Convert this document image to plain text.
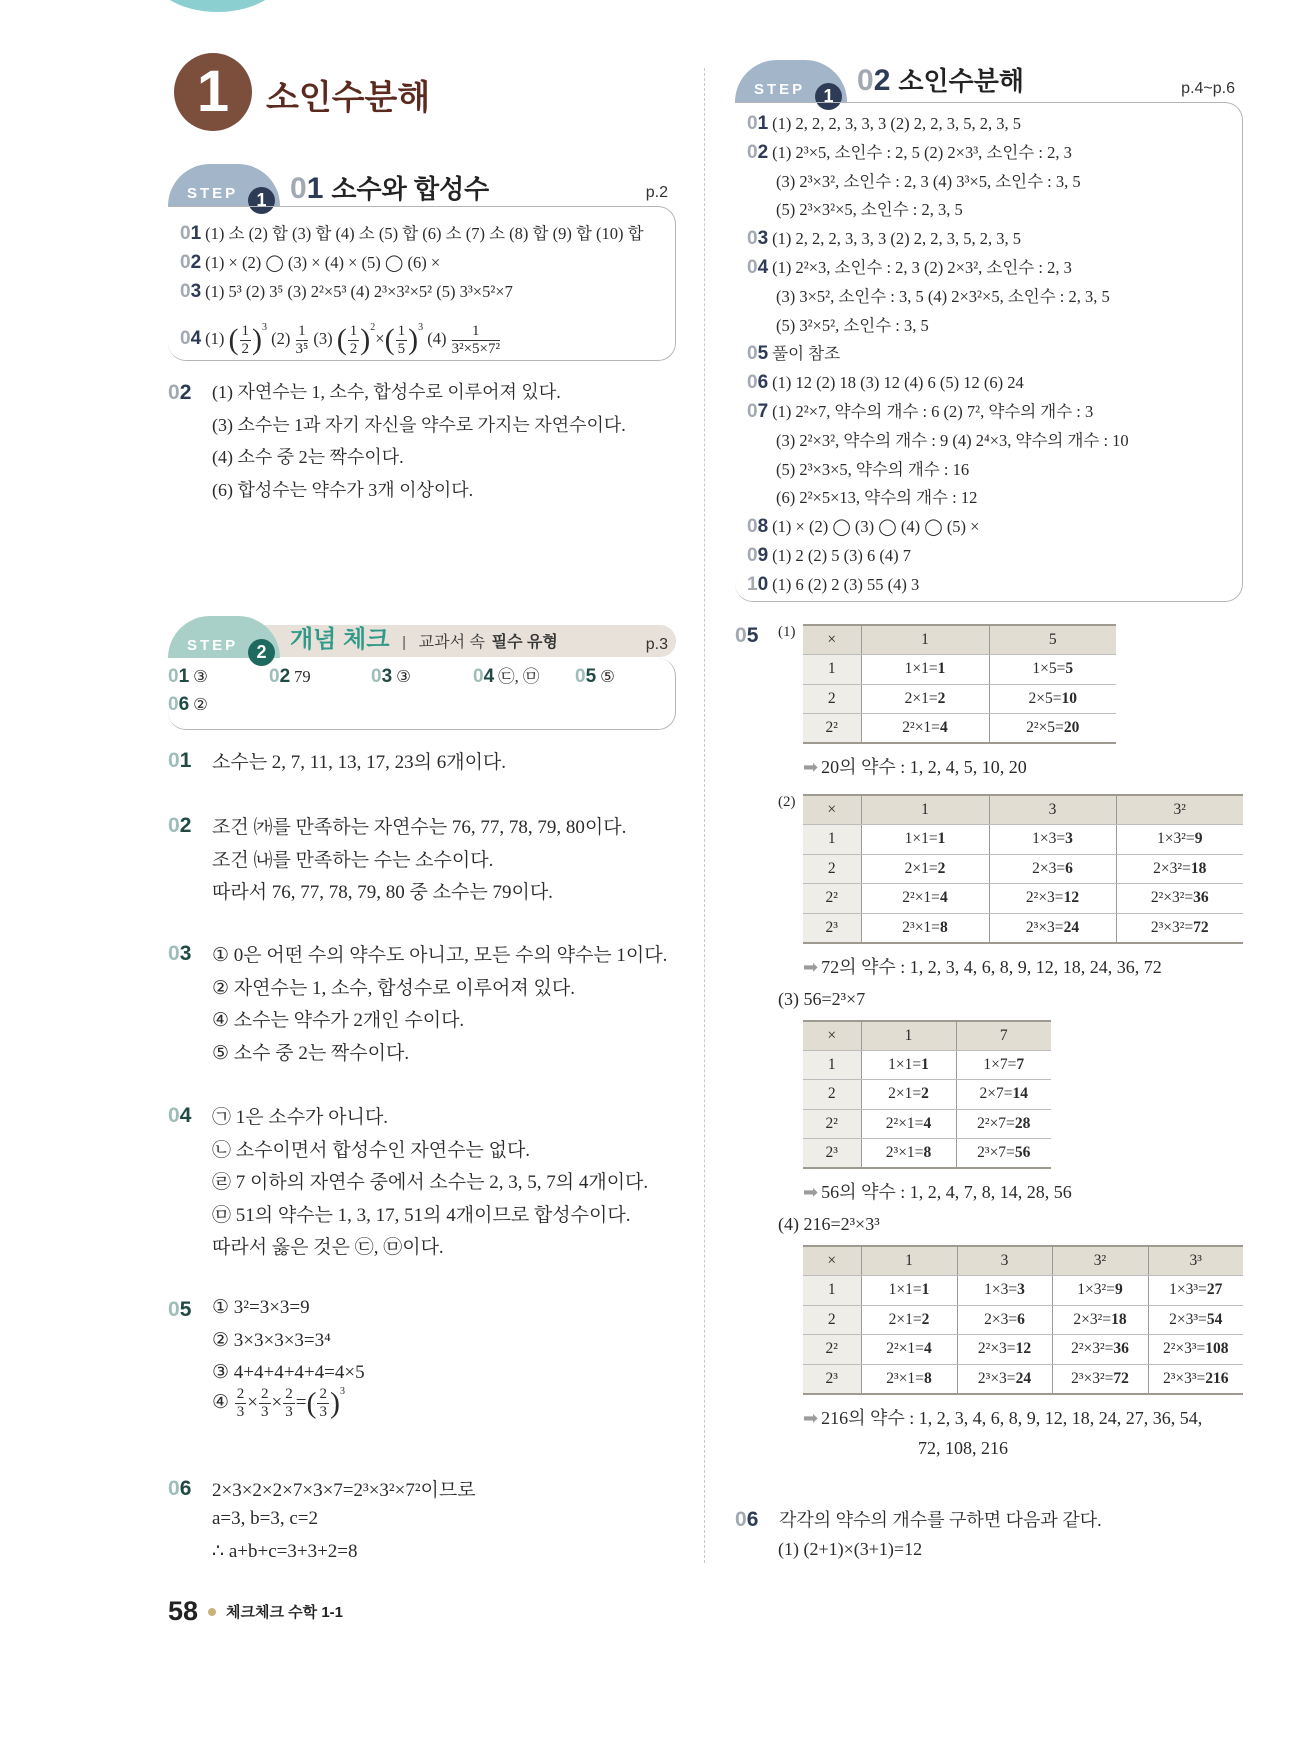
1	소인수분해
STEP	1 01 소수와 합성수	p.2
01 (1) 소 (2) 합 (3) 합 (4) 소 (5) 합 (6) 소 (7) 소 (8) 합 (9) 합 (10) 합
02 (1) × (2) ◯ (3) × (4) × (5) ◯ (6) ×
03 (1) 5³ (2) 3⁵ (3) 2²×5³ (4) 2³×3²×5² (5) 3³×5²×7
04 (1) ( $\frac{1}{2} )^3$ $(2) \frac{1}{\text{3⁵}} (3)$ ( $\frac{1}{2} )^2\times( \frac{1}{5} )^3$ $(4) \frac{1}{\text{3²×5×7²}}$
02 (1) 자연수는 1, 소수, 합성수로 이루어져 있다.
(3) 소수는 1과 자기 자신을 약수로 가지는 자연수이다.
(4) 소수 중 2는 짝수이다.
(6) 합성수는 약수가 3개 이상이다.
STEP	2 개념 체크 | 교과서 속 필수 유형	p.3
01 ③	02 79	03 ③	04 ㉢, ㉤ 05 ⑤
06 ②
01 소수는 2, 7, 11, 13, 17, 23의 6개이다.
02 조건 ㈎를 만족하는 자연수는 76, 77, 78, 79, 80이다.
조건 ㈏를 만족하는 수는 소수이다.
따라서 76, 77, 78, 79, 80 중 소수는 79이다.
03 ① 0은 어떤 수의 약수도 아니고, 모든 수의 약수는 1이다.
② 자연수는 1, 소수, 합성수로 이루어져 있다.
④ 소수는 약수가 2개인 수이다.
⑤ 소수 중 2는 짝수이다.
04 ㉠ 1은 소수가 아니다.
㉡ 소수이면서 합성수인 자연수는 없다.
㉣ 7 이하의 자연수 중에서 소수는 2, 3, 5, 7의 4개이다.
㉤ 51의 약수는 1, 3, 17, 51의 4개이므로 합성수이다.
따라서 옳은 것은 ㉢, ㉤이다.
05 ① 3²=3×3=9
② 3×3×3×3=3⁴
③ 4+4+4+4+4=4×5
④ $\frac{2}{3} \times \frac{2}{3} \times \frac{2}{3}$ =( $\frac{2}{3} )^3$
06 2×3×2×2×7×3×7=2³×3²×7²이므로
a=3, b=3, c=2
∴ a+b+c=3+3+2=8
STEP	1 02 소인수분해	p.4~p.6
01 (1) 2, 2, 2, 3, 3, 3 (2) 2, 2, 3, 5, 2, 3, 5
02 (1) 2³×5, 소인수 : 2, 5 (2) 2×3³, 소인수 : 2, 3
(3) 2³×3², 소인수 : 2, 3 (4) 3³×5, 소인수 : 3, 5
(5) 2³×3²×5, 소인수 : 2, 3, 5
03 (1) 2, 2, 2, 3, 3, 3 (2) 2, 2, 3, 5, 2, 3, 5
04 (1) 2²×3, 소인수 : 2, 3 (2) 2×3², 소인수 : 2, 3
(3) 3×5², 소인수 : 3, 5 (4) 2×3²×5, 소인수 : 2, 3, 5
(5) 3²×5², 소인수 : 3, 5
05 풀이 참조
06 (1) 12 (2) 18 (3) 12 (4) 6 (5) 12 (6) 24
07 (1) 2²×7, 약수의 개수 : 6 (2) 7², 약수의 개수 : 3
(3) 2²×3², 약수의 개수 : 9 (4) 2⁴×3, 약수의 개수 : 10
(5) 2³×3×5, 약수의 개수 : 16
(6) 2²×5×13, 약수의 개수 : 12
08 (1) × (2) ◯ (3) ◯ (4) ◯ (5) ×
09 (1) 2 (2) 5 (3) 6 (4) 7
10 (1) 6 (2) 2 (3) 55 (4) 3
05 (1) ×	1	5
1	1×1=1	1×5=5
2	2×1=2	2×5=10
2²	2²×1=4	2²×5=20
➡ 20의 약수 : 1, 2, 4, 5, 10, 20
(2) ×	1	3	3²
1	1×1=1	1×3=3	1×3²=9
2	2×1=2	2×3=6	2×3²=18
2²	2²×1=4	2²×3=12	2²×3²=36
2³	2³×1=8	2³×3=24	2³×3²=72
➡ 72의 약수 : 1, 2, 3, 4, 6, 8, 9, 12, 18, 24, 36, 72
(3) 56=2³×7
×	1	7
1	1×1=1	1×7=7
2	2×1=2	2×7=14
2²	2²×1=4	2²×7=28
2³	2³×1=8	2³×7=56
➡ 56의 약수 : 1, 2, 4, 7, 8, 14, 28, 56
(4) 216=2³×3³
×	1	3	3²	3³
1	1×1=1	1×3=3	1×3²=9	1×3³=27
2	2×1=2	2×3=6	2×3²=18	2×3³=54
2²	2²×1=4	2²×3=12	2²×3²=36	2²×3³=108
2³	2³×1=8	2³×3=24	2³×3²=72	2³×3³=216
➡ 216의 약수 : 1, 2, 3, 4, 6, 8, 9, 12, 18, 24, 27, 36, 54,
72, 108, 216
06 각각의 약수의 개수를 구하면 다음과 같다.
(1) (2+1)×(3+1)=12
58 체크체크 수학 1-1
